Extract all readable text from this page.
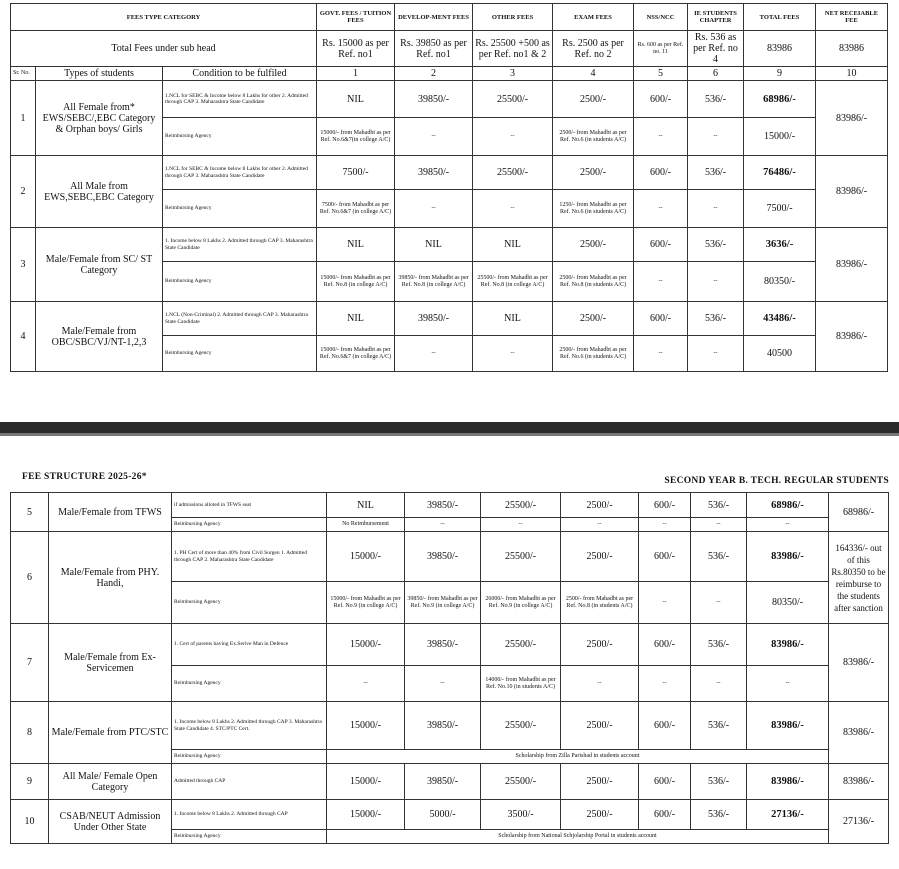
FEES TYPE CATEGORY			GOVT. FEES / TUITION FEES	DEVELOP-MENT FEES	OTHER FEES	EXAM FEES	NSS/NCC	IE STUDENTS CHAPTER	TOTAL FEES	NET RECEIABLE FEE
Total Fees under sub head			Rs. 15000 as per Ref. no1	Rs. 39850 as per Ref. no1	Rs. 25500 +500 as per Ref. no1 & 2	Rs. 2500 as per Ref. no 2	Rs. 600 as per Ref. no. 11	Rs. 536 as per Ref. no 4	83986	83986
Sr. No.	Types of students	Condition to be fulfiled	1	2	3	4	5	6	9	10
1	All Female from* EWS/SEBC/,EBC Category & Orphan boys/ Girls	1.NCL for SEBC & Income below 8 Lakhs for other 2. Admitted through CAP 3. Maharashtra State Candidate	NIL	39850/-	25500/-	2500/-	600/-	536/-	68986/-	83986/-
		Reimbursing Agency	15000/- from Mahadbt as per Ref. No.6&7(in college A/C)	--	--	2500/- from Mahadbt as per Ref. No.6 (in students A/C)	--	--	15000/-	
2	All Male from EWS,SEBC,EBC Category	1.NCL for SEBC & Income below 8 Lakhs for other 2. Admitted through CAP 3. Maharashtra State Candidate	7500/-	39850/-	25500/-	2500/-	600/-	536/-	76486/-	83986/-
		Reimbursing Agency	7500/- from Mahadbt as per Ref. No.6&7 (in college A/C)	--	--	1250/- from Mahadbt as per Ref. No.6 (in students A/C)	--	--	7500/-	
3	Male/Female from SC/ ST Category	1. Income below 8 Lakhs 2. Admitted through CAP 3. Maharashtra State Candidate	NIL	NIL	NIL	2500/-	600/-	536/-	3636/-	83986/-
		Reimbursing Agency	15000/- from Mahadbt as per Ref. No.8 (in college A/C)	39850/- from Mahadbt as per Ref. No.8 (in college A/C)	25500/- from Mahadbt as per Ref. No.8 (in college A/C)	2500/- from Mahadbt as per Ref. No.8 (in students A/C)	--	--	80350/-	
4	Male/Female from OBC/SBC/VJ/NT-1,2,3	1.NCL (Non-Criminal) 2. Admitted through CAP 3. Maharashtra State Candidate	NIL	39850/-	NIL	2500/-	600/-	536/-	43486/-	83986/-
		Reimbursing Agency	15000/- from Mahadbt as per Ref. No.6&7 (in college A/C)	--	--	2500/- from Mahadbt as per Ref. No.6 (in students A/C)	--	--	40500	
FEE STRUCTURE 2025-26*	SECOND YEAR B. TECH. REGULAR STUDENTS
5	Male/Female from TFWS	if admissions alloted in TFWS seat	NIL	39850/-	25500/-	2500/-	600/-	536/-	68986/-	68986/-
		Reimbursing Agency	No Reimbursement	--	--	--	--	--	--	
6	Male/Female from PHY. Handi,	1. PH Cert of more than 40% from Civil Surgen 1. Admitted through CAP 2. Maharashtra State Candidate	15000/-	39850/-	25500/-	2500/-	600/-	536/-	83986/-	164336/- out of this Rs.80350 to be reimburse to the students after sanction
		Reimbursing Agency	15000/- from Mahadbt as per Ref. No.9 (in college A/C)	39850/- from Mahadbt as per Ref. No.9 (in college A/C)	26000/- from Mahadbt as per Ref. No.9 (in college A/C)	2500/- from Mahadbt as per Ref. No.8 (in students A/C)	--	--	80350/-	
7	Male/Female from Ex-Servicemen	1. Cert of parents having Ex.Serive Man in Defence	15000/-	39850/-	25500/-	2500/-	600/-	536/-	83986/-	83986/-
		Reimbursing Agency	--	--	14000/- from Mahadbt as per Ref. No.10 (in students A/C)	--	--	--	--	
8	Male/Female from PTC/STC	1. Income below 8 Lakhs 2. Admitted through CAP 3. Maharashtra State Candidate 4. STC/PTC Cert.	15000/-	39850/-	25500/-	2500/-	600/-	536/-	83986/-	83986/-
		Reimbursing Agency	Scholarship from Zilla Parishad in students account							
9	All Male/ Female Open Category	Admitted through CAP	15000/-	39850/-	25500/-	2500/-	600/-	536/-	83986/-	83986/-
10	CSAB/NEUT Admission Under Other State	1. Income below 8 Lakhs 2. Admitted through CAP	15000/-	5000/-	3500/-	2500/-	600/-	536/-	27136/-	27136/-
		Reimbursing Agency	Scholarship from National Schjolarship Portal in students account							
